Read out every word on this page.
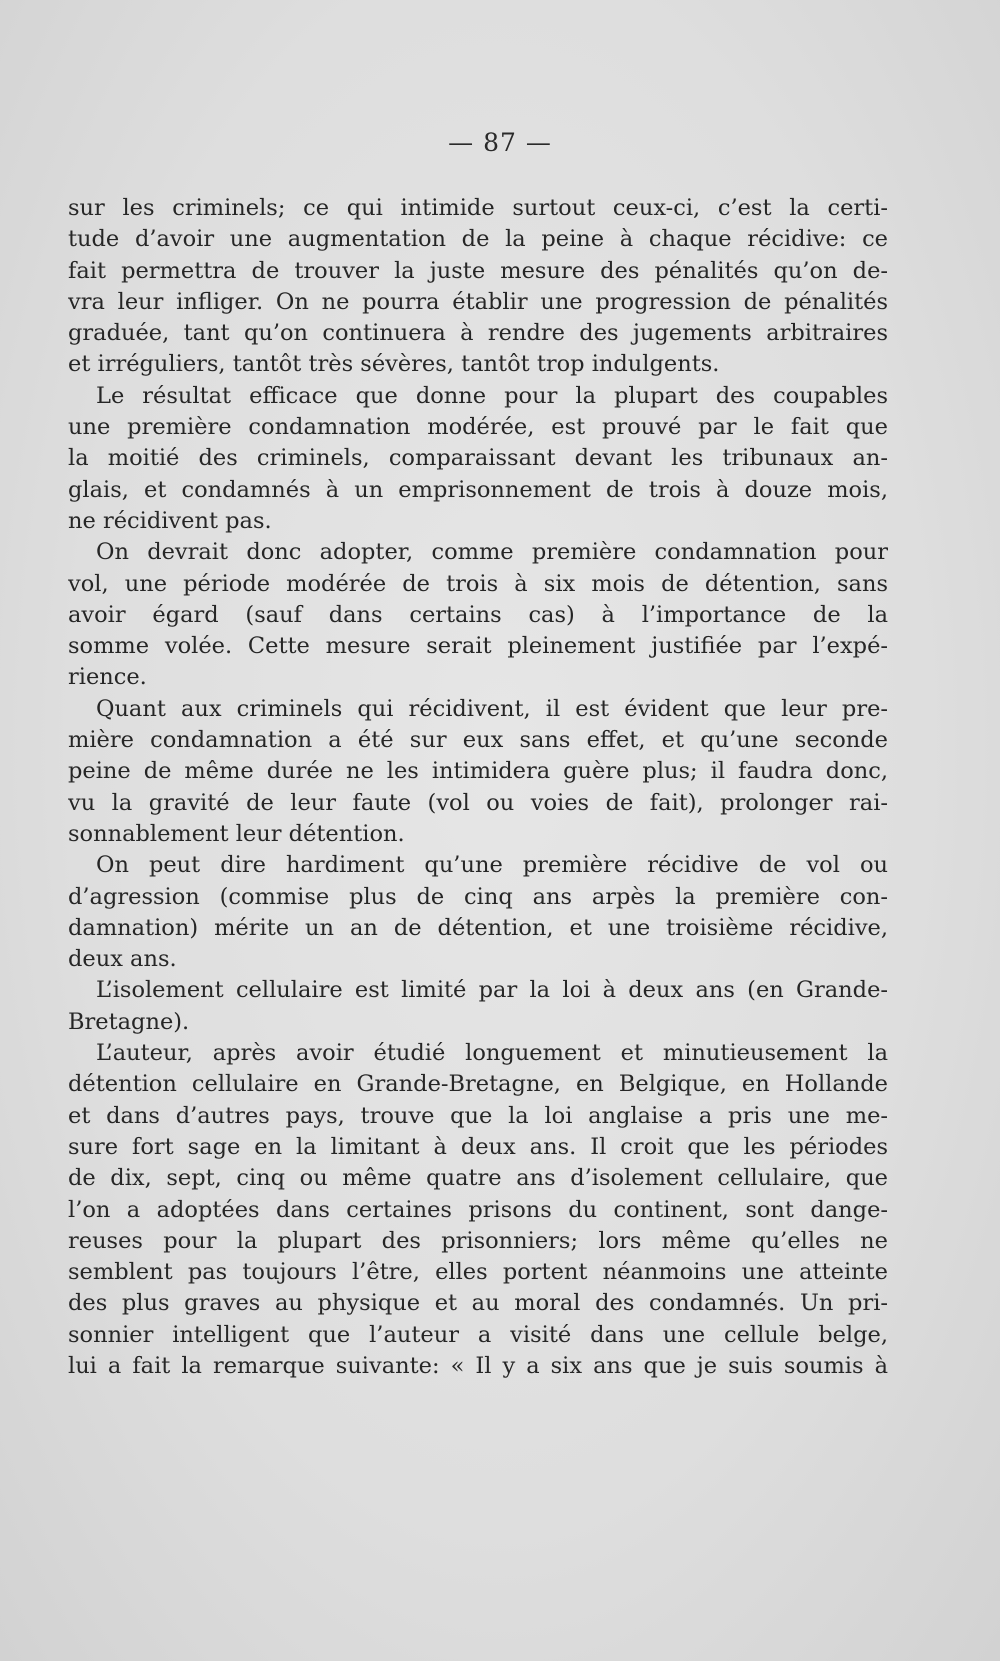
— 87 —
sur les criminels; ce qui intimide surtout ceux-ci, c’est la certi-
tude d’avoir une augmentation de la peine à chaque récidive: ce
fait permettra de trouver la juste mesure des pénalités qu’on de-
vra leur infliger. On ne pourra établir une progression de pénalités
graduée, tant qu’on continuera à rendre des jugements arbitraires
et irréguliers, tantôt très sévères, tantôt trop indulgents.
Le résultat efficace que donne pour la plupart des coupables
une première condamnation modérée, est prouvé par le fait que
la moitié des criminels, comparaissant devant les tribunaux an-
glais, et condamnés à un emprisonnement de trois à douze mois,
ne récidivent pas.
On devrait donc adopter, comme première condamnation pour
vol, une période modérée de trois à six mois de détention, sans
avoir égard (sauf dans certains cas) à l’importance de la
somme volée. Cette mesure serait pleinement justifiée par l’expé-
rience.
Quant aux criminels qui récidivent, il est évident que leur pre-
mière condamnation a été sur eux sans effet, et qu’une seconde
peine de même durée ne les intimidera guère plus; il faudra donc,
vu la gravité de leur faute (vol ou voies de fait), prolonger rai-
sonnablement leur détention.
On peut dire hardiment qu’une première récidive de vol ou
d’agression (commise plus de cinq ans arpès la première con-
damnation) mérite un an de détention, et une troisième récidive,
deux ans.
L’isolement cellulaire est limité par la loi à deux ans (en Grande-
Bretagne).
L’auteur, après avoir étudié longuement et minutieusement la
détention cellulaire en Grande-Bretagne, en Belgique, en Hollande
et dans d’autres pays, trouve que la loi anglaise a pris une me-
sure fort sage en la limitant à deux ans. Il croit que les périodes
de dix, sept, cinq ou même quatre ans d’isolement cellulaire, que
l’on a adoptées dans certaines prisons du continent, sont dange-
reuses pour la plupart des prisonniers; lors même qu’elles ne
semblent pas toujours l’être, elles portent néanmoins une atteinte
des plus graves au physique et au moral des condamnés. Un pri-
sonnier intelligent que l’auteur a visité dans une cellule belge,
lui a fait la remarque suivante: « Il y a six ans que je suis soumis à
